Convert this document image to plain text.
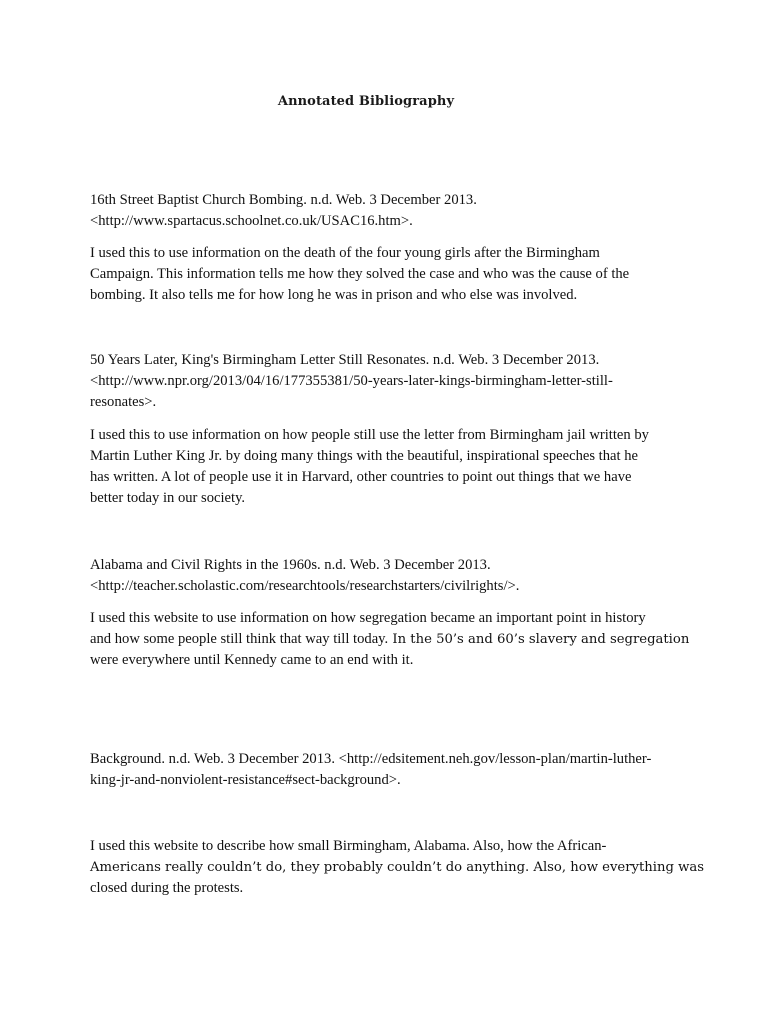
Annotated Bibliography
16th Street Baptist Church Bombing. n.d. Web. 3 December 2013.
<http://www.spartacus.schoolnet.co.uk/USAC16.htm>.
I used this to use information on the death of the four young girls after the Birmingham
Campaign. This information tells me how they solved the case and who was the cause of the
bombing. It also tells me for how long he was in prison and who else was involved.
50 Years Later, King's Birmingham Letter Still Resonates. n.d. Web. 3 December 2013.
<http://www.npr.org/2013/04/16/177355381/50-years-later-kings-birmingham-letter-still-
resonates>.
I used this to use information on how people still use the letter from Birmingham jail written by
Martin Luther King Jr. by doing many things with the beautiful, inspirational speeches that he
has written. A lot of people use it in Harvard, other countries to point out things that we have
better today in our society.
Alabama and Civil Rights in the 1960s. n.d. Web. 3 December 2013.
<http://teacher.scholastic.com/researchtools/researchstarters/civilrights/>.
I used this website to use information on how segregation became an important point in history
and how some people still think that way till today. In the 50’s and 60’s slavery and segregation
were everywhere until Kennedy came to an end with it.
Background. n.d. Web. 3 December 2013. <http://edsitement.neh.gov/lesson-plan/martin-luther-
king-jr-and-nonviolent-resistance#sect-background>.
I used this website to describe how small Birmingham, Alabama. Also, how the African-
Americans really couldn’t do, they probably couldn’t do anything. Also, how everything was
closed during the protests.
